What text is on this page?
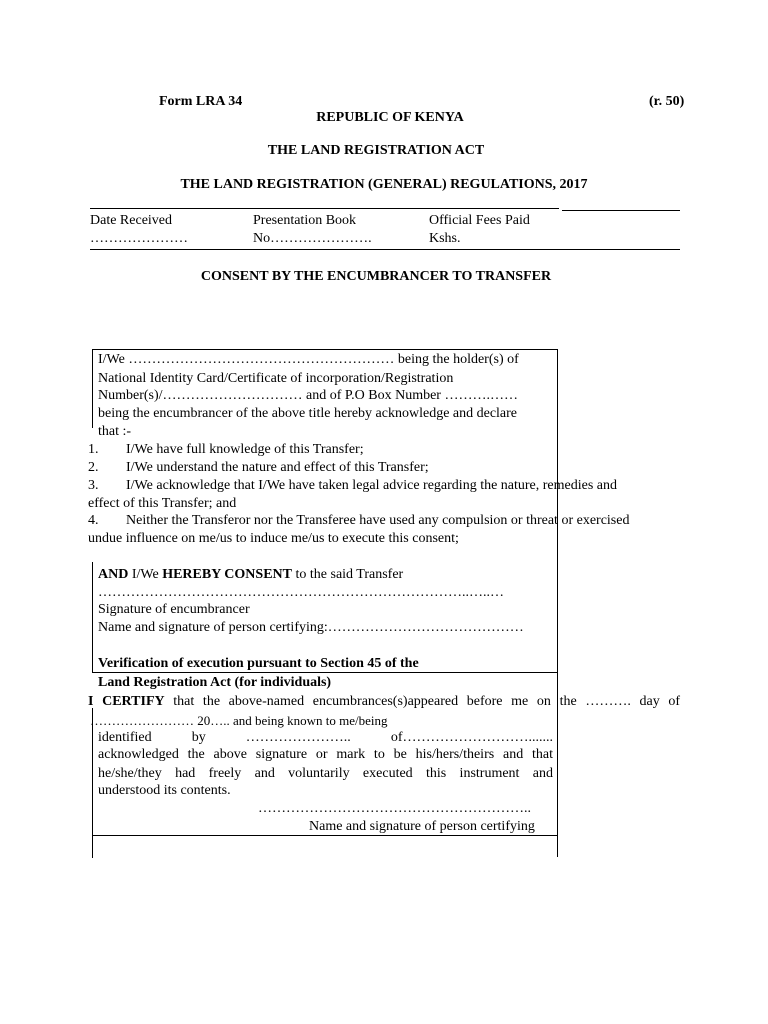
Form LRA 34	(r. 50)
REPUBLIC OF KENYA
THE LAND REGISTRATION ACT
THE LAND REGISTRATION (GENERAL) REGULATIONS, 2017
Date Received
…………………
Presentation Book
No………………….
Official Fees Paid
Kshs.
CONSENT BY THE ENCUMBRANCER TO TRANSFER
I/We ………………………………………………… being the holder(s) of
National Identity Card/Certificate of incorporation/Registration
Number(s)/………………………… and of P.O Box Number ……….……
being the encumbrancer of the above title hereby acknowledge and declare
that :-
1. I/We have full knowledge of this Transfer;
2. I/We understand the nature and effect of this Transfer;
3. I/We acknowledge that I/We have taken legal advice regarding the nature, remedies and
effect of this Transfer; and
4. Neither the Transferor nor the Transferee have used any compulsion or threat or exercised
undue influence on me/us to induce me/us to execute this consent;
AND I/We HEREBY CONSENT to the said Transfer
……………………………………………………………………..…..…
Signature of encumbrancer
Name and signature of person certifying:……………………………………
Verification of execution pursuant to Section 45 of the
Land Registration Act (for individuals)
I CERTIFY that the above-named encumbrances(s)appeared before me on the ………. day of
…………………… 20….. and being known to me/being
identified by ………………….. of……………………….......
acknowledged the above signature or mark to be his/hers/theirs and that
he/she/they had freely and voluntarily executed this instrument and
understood its contents.
…………………………………………………..
Name and signature of person certifying
